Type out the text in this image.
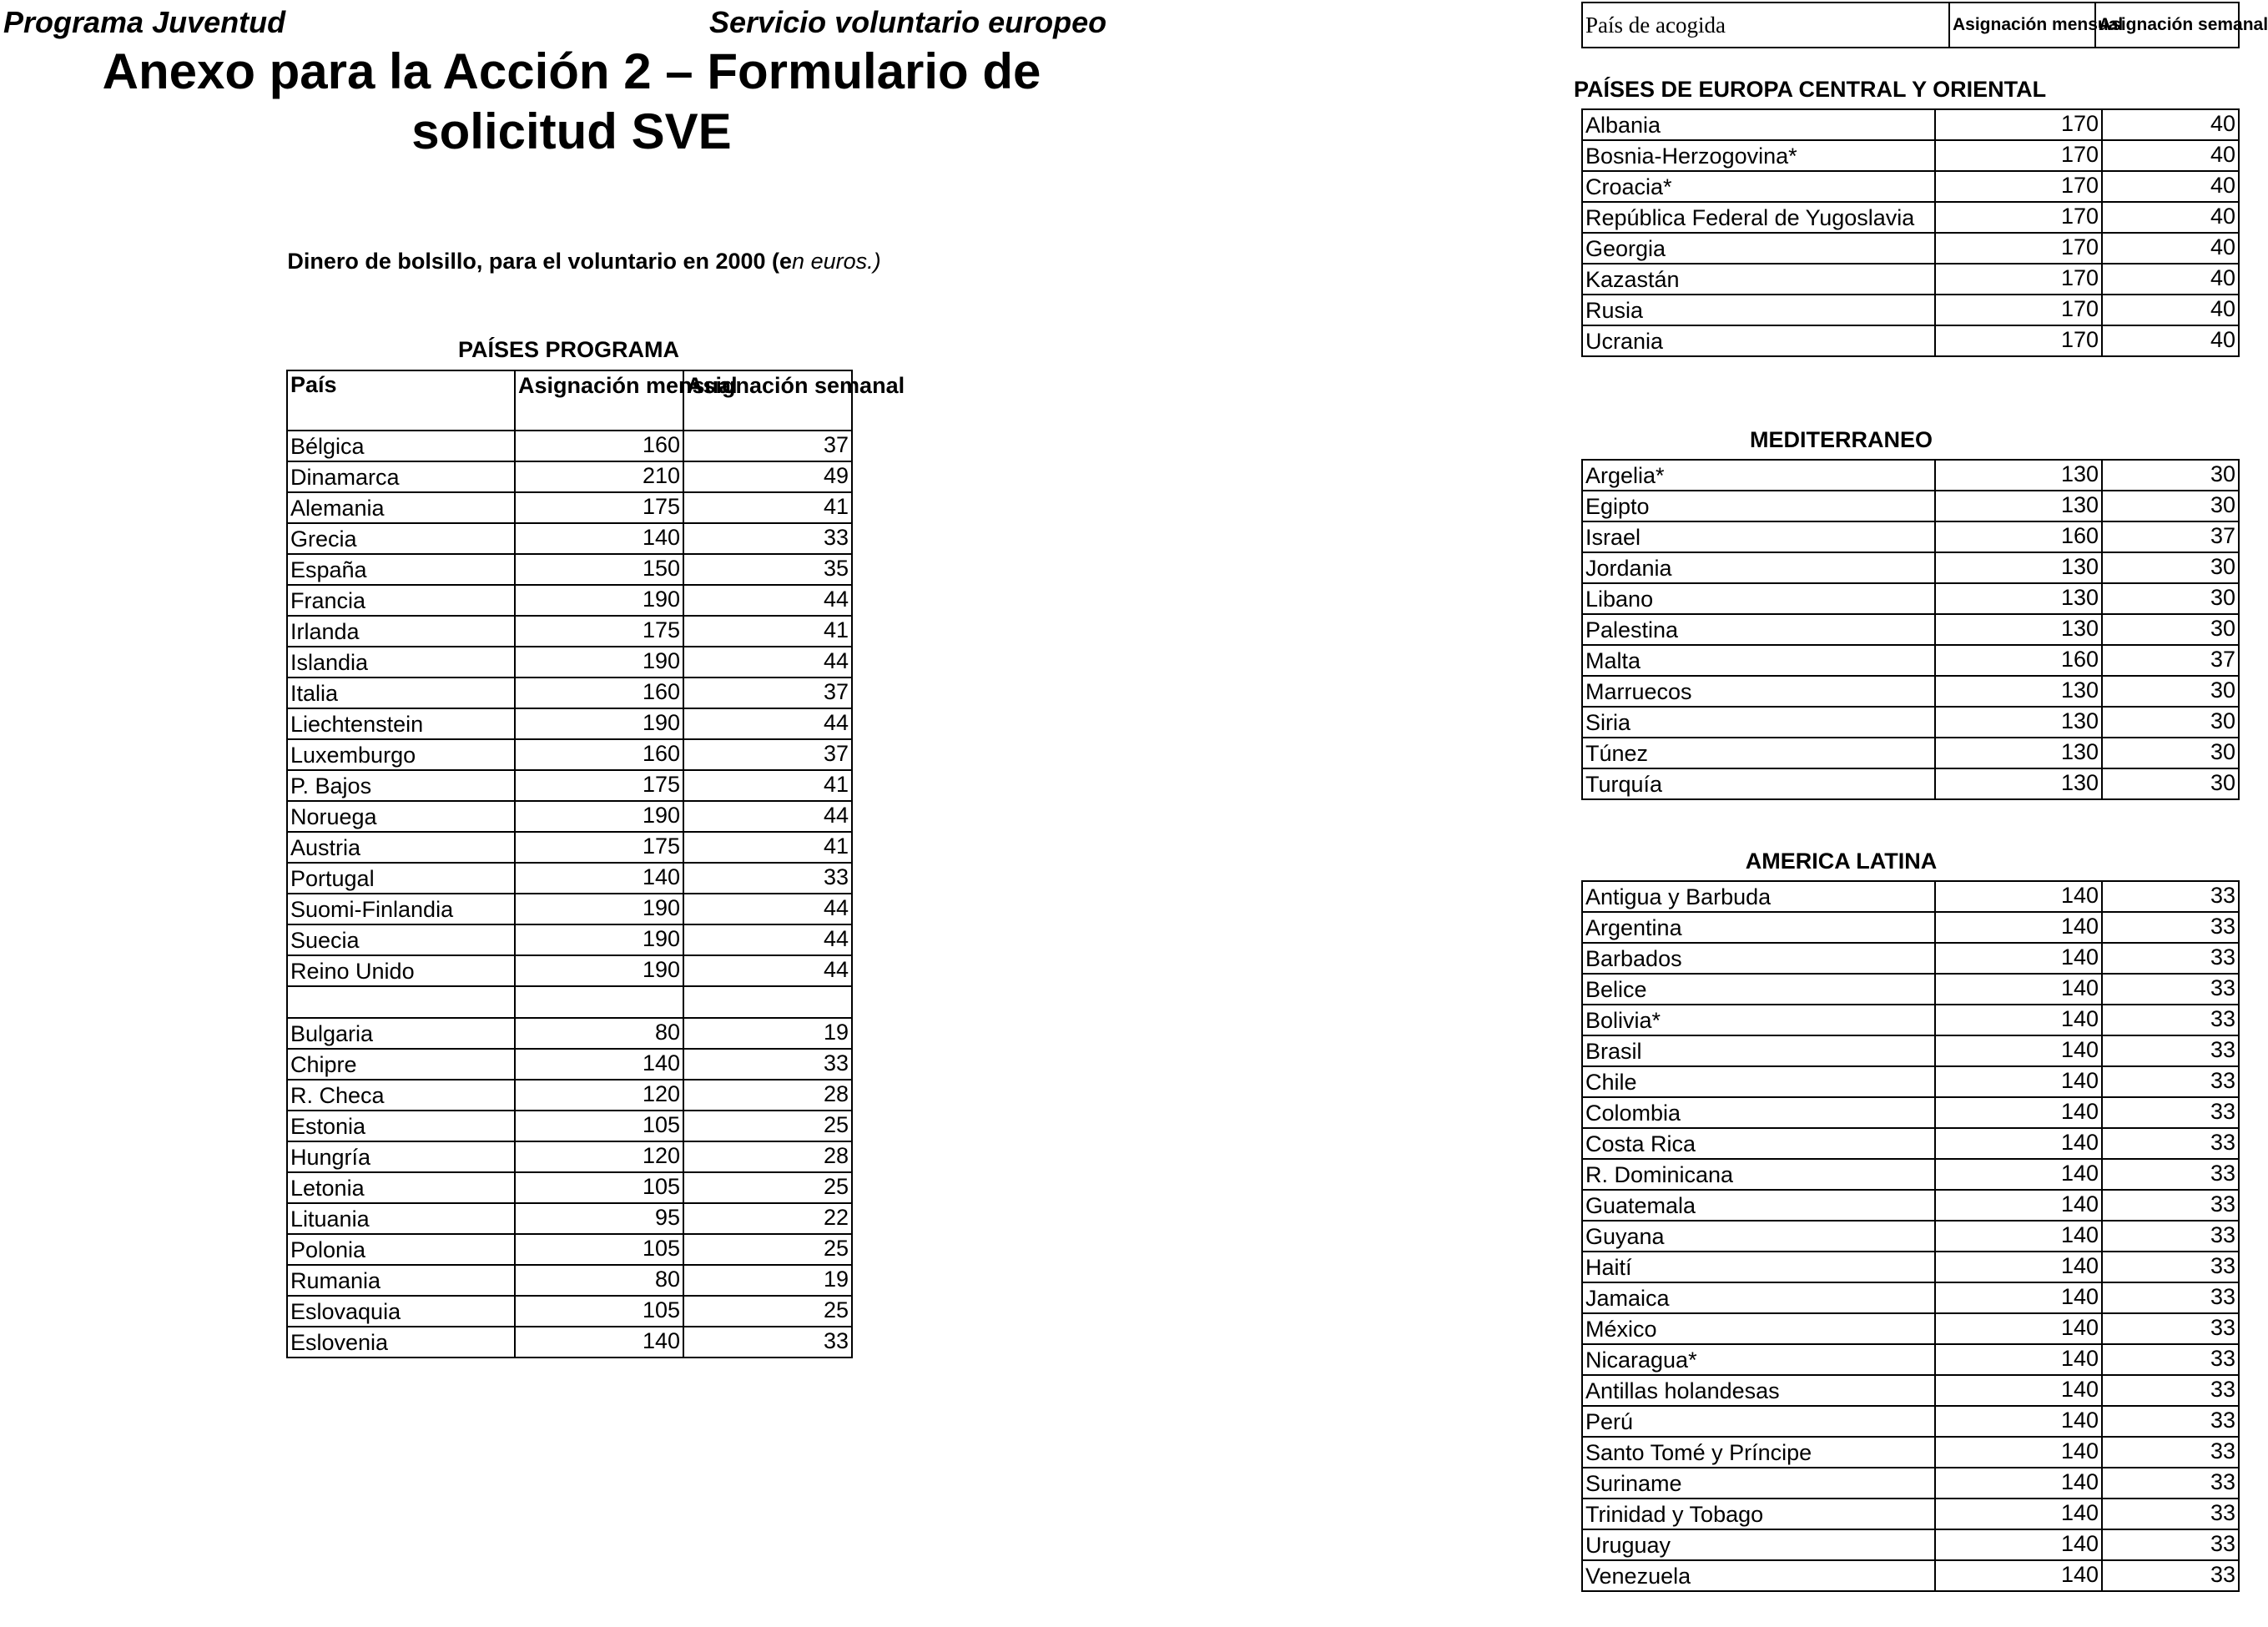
Programa Juventud	Servicio voluntario europeo
Anexo para la Acción 2 – Formulario de
solicitud SVE
Dinero de bolsillo, para el voluntario en 2000 (en euros.)
PAÍSES PROGRAMA
País	Asignación mensual	Asignación semanal
Bélgica	160	37
Dinamarca	210	49
Alemania	175	41
Grecia	140	33
España	150	35
Francia	190	44
Irlanda	175	41
Islandia	190	44
Italia	160	37
Liechtenstein	190	44
Luxemburgo	160	37
P. Bajos	175	41
Noruega	190	44
Austria	175	41
Portugal	140	33
Suomi-Finlandia	190	44
Suecia	190	44
Reino Unido	190	44

Bulgaria	80	19
Chipre	140	33
R. Checa	120	28
Estonia	105	25
Hungría	120	28
Letonia	105	25
Lituania	95	22
Polonia	105	25
Rumania	80	19
Eslovaquia	105	25
Eslovenia	140	33
País de acogida	Asignación mensual	Asignación semanal
PAÍSES DE EUROPA CENTRAL Y ORIENTAL
Albania	170	40
Bosnia-Herzogovina*	170	40
Croacia*	170	40
República Federal de Yugoslavia	170	40
Georgia	170	40
Kazastán	170	40
Rusia	170	40
Ucrania	170	40
MEDITERRANEO
Argelia*	130	30
Egipto	130	30
Israel	160	37
Jordania	130	30
Libano	130	30
Palestina	130	30
Malta	160	37
Marruecos	130	30
Siria	130	30
Túnez	130	30
Turquía	130	30
AMERICA LATINA
Antigua y Barbuda	140	33
Argentina	140	33
Barbados	140	33
Belice	140	33
Bolivia*	140	33
Brasil	140	33
Chile	140	33
Colombia	140	33
Costa Rica	140	33
R. Dominicana	140	33
Guatemala	140	33
Guyana	140	33
Haití	140	33
Jamaica	140	33
México	140	33
Nicaragua*	140	33
Antillas holandesas	140	33
Perú	140	33
Santo Tomé y Príncipe	140	33
Suriname	140	33
Trinidad y Tobago	140	33
Uruguay	140	33
Venezuela	140	33
